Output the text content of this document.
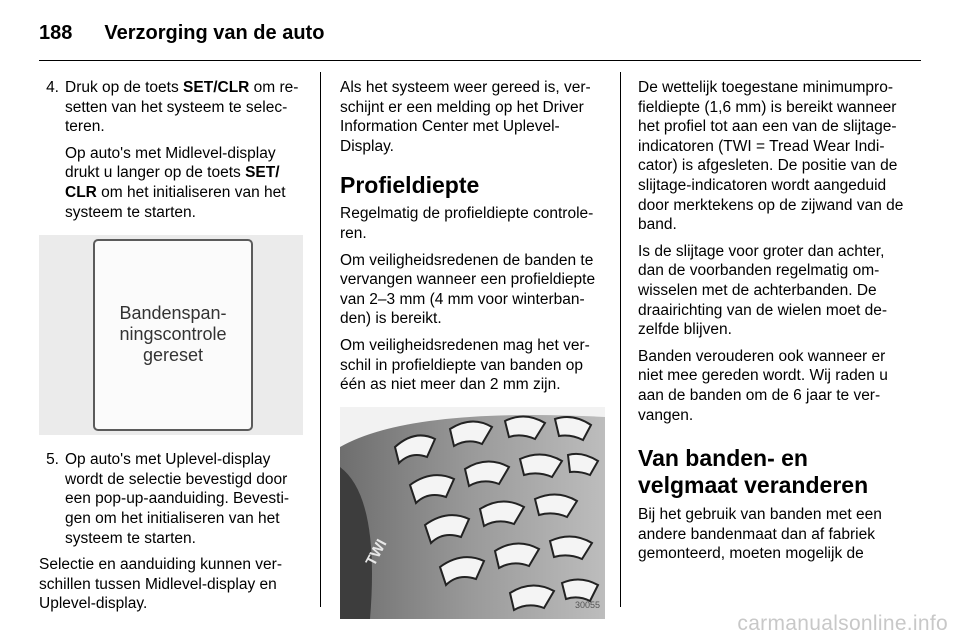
188 Verzorging van de auto
4. Druk op de toets SET/CLR om re-setten van het systeem te selec-teren.

Op auto's met Midlevel-display drukt u langer op de toets SET/ CLR om het initialiseren van het systeem te starten.

Bandenspan-
ningscontrole
gereset
5. Op auto's met Uplevel-display wordt de selectie bevestigd door een pop-up-aanduiding. Bevesti-gen om het initialiseren van het systeem te starten.

Selectie en aanduiding kunnen ver-schillen tussen Midlevel-display en Uplevel-display.

Als het systeem weer gereed is, ver-schijnt er een melding op het Driver Information Center met Uplevel-Display.

Profieldiepte

Regelmatig de profieldiepte controle-ren.

Om veiligheidsredenen de banden te vervangen wanneer een profieldiepte van 2–3 mm (4 mm voor winterban-den) is bereikt.

Om veiligheidsredenen mag het ver-schil in profieldiepte van banden op één as niet meer dan 2 mm zijn.

TWI
30055

De wettelijk toegestane minimumpro-fieldiepte (1,6 mm) is bereikt wanneer het profiel tot aan een van de slijtage-indicatoren (TWI = Tread Wear Indi-cator) is afgesleten. De positie van de slijtage-indicatoren wordt aangeduid door merktekens op de zijwand van de band.

Is de slijtage voor groter dan achter, dan de voorbanden regelmatig om-wisselen met de achterbanden. De draairichting van de wielen moet de-zelfde blijven.

Banden verouderen ook wanneer er niet mee gereden wordt. Wij raden u aan de banden om de 6 jaar te ver-vangen.

Van banden- en velgmaat veranderen

Bij het gebruik van banden met een andere bandenmaat dan af fabriek gemonteerd, moeten mogelijk de

carmanualsonline.info
